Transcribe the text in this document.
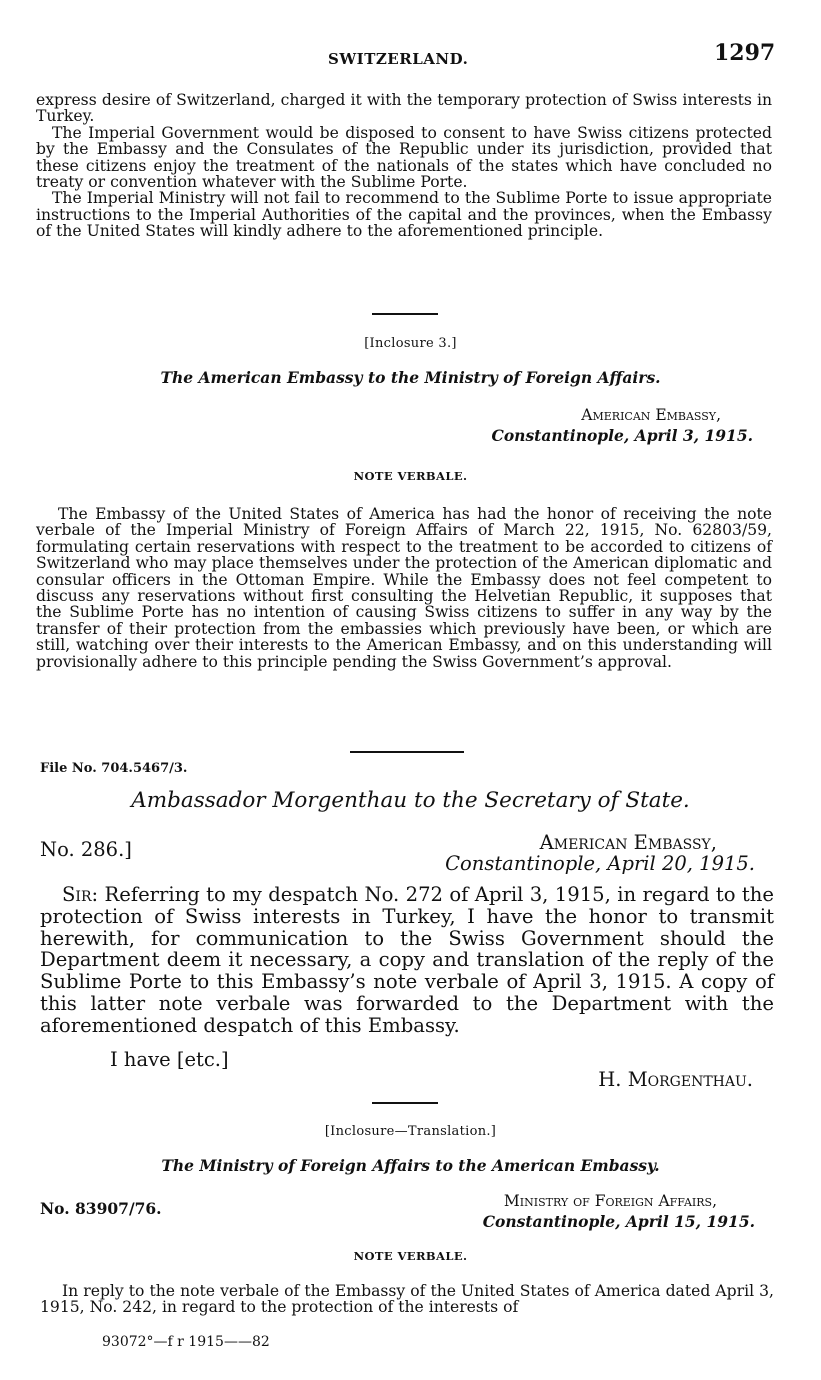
SWITZERLAND.	1297

express desire of Switzerland, charged it with the temporary protection of Swiss interests in Turkey.

The Imperial Government would be disposed to consent to have Swiss citizens protected by the Embassy and the Consulates of the Republic under its jurisdiction, provided that these citizens enjoy the treatment of the nationals of the states which have concluded no treaty or convention whatever with the Sublime Porte.

The Imperial Ministry will not fail to recommend to the Sublime Porte to issue appropriate instructions to the Imperial Authorities of the capital and the provinces, when the Embassy of the United States will kindly adhere to the aforementioned principle.

[Inclosure 3.]
The American Embassy to the Ministry of Foreign Affairs.
American Embassy,
Constantinople, April 3, 1915.
NOTE VERBALE.

The Embassy of the United States of America has had the honor of receiving the note verbale of the Imperial Ministry of Foreign Affairs of March 22, 1915, No. 62803/59, formulating certain reservations with respect to the treatment to be accorded to citizens of Switzerland who may place themselves under the protection of the American diplomatic and consular officers in the Ottoman Empire. While the Embassy does not feel competent to discuss any reservations without first consulting the Helvetian Republic, it supposes that the Sublime Porte has no intention of causing Swiss citizens to suffer in any way by the transfer of their protection from the embassies which previously have been, or which are still, watching over their interests to the American Embassy, and on this understanding will provisionally adhere to this principle pending the Swiss Government’s approval.

File No. 704.5467/3.
Ambassador Morgenthau to the Secretary of State.
No. 286.]	American Embassy,
Constantinople, April 20, 1915.

Sir: Referring to my despatch No. 272 of April 3, 1915, in regard to the protection of Swiss interests in Turkey, I have the honor to transmit herewith, for communication to the Swiss Government should the Department deem it necessary, a copy and translation of the reply of the Sublime Porte to this Embassy’s note verbale of April 3, 1915. A copy of this latter note verbale was forwarded to the Department with the aforementioned despatch of this Embassy.

I have [etc.]
H. Morgenthau.
[Inclosure—Translation.]
The Ministry of Foreign Affairs to the American Embassy.
No. 83907/76.	Ministry of Foreign Affairs,
Constantinople, April 15, 1915.
NOTE VERBALE.

In reply to the note verbale of the Embassy of the United States of America dated April 3, 1915, No. 242, in regard to the protection of the interests of

93072°—f r 1915——82
